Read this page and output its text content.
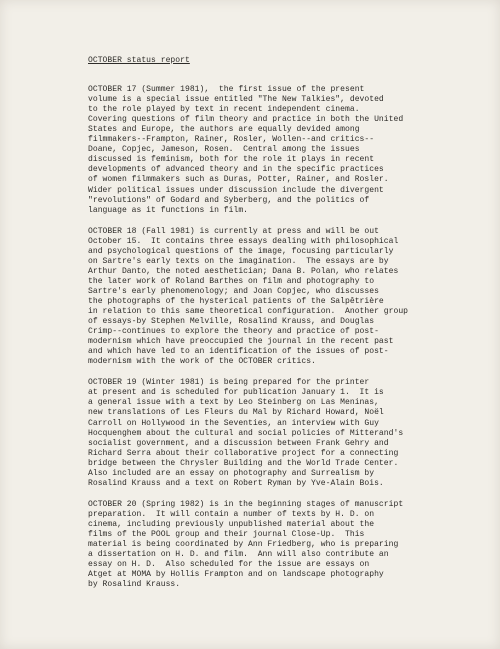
OCTOBER status report
OCTOBER 17 (Summer 1981),  the first issue of the present
volume is a special issue entitled "The New Talkies", devoted
to the role played by text in recent independent cinema.
Covering questions of film theory and practice in both the United
States and Europe, the authors are equally devided among
filmmakers--Frampton, Rainer, Rosler, Wollen--and critics--
Doane, Copjec, Jameson, Rosen.  Central among the issues
discussed is feminism, both for the role it plays in recent
developments of advanced theory and in the specific practices
of women filmmakers such as Duras, Potter, Rainer, and Rosler.
Wider political issues under discussion include the divergent
"revolutions" of Godard and Syberberg, and the politics of
language as it functions in film.
OCTOBER 18 (Fall 1981) is currently at press and will be out
October 15.  It contains three essays dealing with philosophical
and psychological questions of the image, focusing particularly
on Sartre's early texts on the imagination.  The essays are by
Arthur Danto, the noted aesthetician; Dana B. Polan, who relates
the later work of Roland Barthes on film and photography to
Sartre's early phenomenology; and Joan Copjec, who discusses
the photographs of the hysterical patients of the Salpêtrière
in relation to this same theoretical configuration.  Another group
of essays-by Stephen Melville, Rosalind Krauss, and Douglas
Crimp--continues to explore the theory and practice of post-
modernism which have preoccupied the journal in the recent past
and which have led to an identification of the issues of post-
modernism with the work of the OCTOBER critics.
OCTOBER 19 (Winter 1981) is being prepared for the printer
at present and is scheduled for publication January 1.  It is
a general issue with a text by Leo Steinberg on Las Meninas,
new translations of Les Fleurs du Mal by Richard Howard, Noël
Carroll on Hollywood in the Seventies, an interview with Guy
Hocquenghem about the cultural and social policies of Mitterand's
socialist government, and a discussion between Frank Gehry and
Richard Serra about their collaborative project for a connecting
bridge between the Chrysler Building and the World Trade Center.
Also included are an essay on photography and Surrealism by
Rosalind Krauss and a text on Robert Ryman by Yve-Alain Bois.
OCTOBER 20 (Spring 1982) is in the beginning stages of manuscript
preparation.  It will contain a number of texts by H. D. on
cinema, including previously unpublished material about the
films of the POOL group and their journal Close-Up.  This
material is being coordinated by Ann Friedberg, who is preparing
a dissertation on H. D. and film.  Ann will also contribute an
essay on H. D.  Also scheduled for the issue are essays on
Atget at MOMA by Hollis Frampton and on landscape photography
by Rosalind Krauss.
